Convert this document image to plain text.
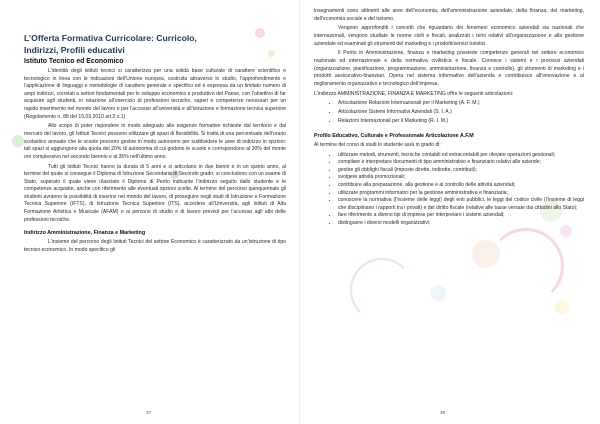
L’Offerta Formativa Curricolare: Curricolo,
Indirizzi, Profili educativi
Istituto Tecnico ed Economico

L’identità degli istituti tecnici si caratterizza per una solida base culturale di carattere scientifico e tecnologico in linea con le indicazioni dell’Unione europea, costruita attraverso lo studio, l’approfondimento e l’applicazione di linguaggi e metodologie di carattere generale e specifico ed è espressa da un limitato numero di ampi indirizzi, correlati a settori fondamentali per lo sviluppo economico e produttivo del Paese, con l’obiettivo di far acquisire agli studenti, in relazione all’esercizio di professioni tecniche, saperi e competenze necessari per un rapido inserimento nel mondo del lavoro e per l’accesso all’università e all’istruzione e formazione tecnica superiore (Regolamento n. 88 del 15.03.2010 art.2 c.1)

Allo scopo di poter rispondere in modo adeguato alle esigenze formative richieste dal territorio e dal mercato del lavoro, gli Istituti Tecnici possono utilizzare gli spazi di flessibilità. Si tratta di una percentuale dell’orario scolastico annuale che le scuole possono gestire in modo autonomo per suddividere le aree di indirizzo in opzioni: tali spazi si aggiungono alla quota del 20% di autonomia di cui godono le scuole e corrispondono al 30% del monte ore complessivo nel secondo biennio e al 35% nell’ultimo anno.

Tutti gli Istituti Tecnici hanno la durata di 5 anni e si articolano in due bienni e in un quinto anno, al termine del quale si consegue il Diploma di Istruzione Secondaria di Secondo grado; si concludono con un esame di Stato, superato il quale viene rilasciato il Diploma di Perito indicante l’indirizzo seguito dallo studente e le competenze acquisite, anche con riferimento alle eventuali opzioni scelte. Al termine del percorso quinquennale gli studenti avranno la possibilità di inserirsi nel mondo del lavoro, di proseguire negli studi di Istruzione e Formazione Tecnica Superiore (IFTS), di Istruzione Tecnica Superiore (ITS), accedere all’Università, agli Istituti di Alta Formazione Artistica e Musicale (AFAM) e ai percorsi di studio e di lavoro previsti per l’accesso agli albi delle professioni tecniche.

Indirizzo Amministrazione, Finanza e Marketing

L’insieme del percorso degli Istituti Tecnici del settore Economico è caratterizzato da un’istruzione di tipo tecnico economico. In modo specifico gli

37

insegnamenti sono attinenti alle aree dell’economia, dell’amministrazione aziendale, della finanza, del marketing, dell’economia sociale e del turismo.

Vengono approfonditi i concetti che riguardano dei fenomeni economico aziendali sia nazionali che internazionali, vengono studiate le norme civili e fiscali, analizzati i temi relativi all’organizzazione e alla gestione aziendale ed esaminati gli strumenti del marketing e i prodotti/servizi turistici.

Il Perito in Amministrazione, finanza e marketing possiede competenze generali nel settore economico nazionale ed internazionale e della normativa civilistica e fiscale. Conosce i sistemi e i processi aziendali (organizzazione, pianificazione, programmazione, amministrazione, finanza e controllo), gli strumenti di marketing e i prodotti assicurativo-finanziari. Opera nel sistema informativo dell’azienda e contribuisce all’innovazione e al miglioramento organizzativo e tecnologico dell’impresa.

L’indirizzo AMMINISTRAZIONE, FINANZA E MARKETING offre le seguenti articolazioni:

• Articolazione Relazioni Internazionali per il Marketing (A. F. M.)
• Articolazione Sistemi Informativi Aziendali (S. I. A.)
• Relazioni Internazionali per il Marketing (R. I. M.)
Profilo Educativo, Culturale e Professionale Articolazione A.F.M

Al termine del corso di studi lo studente sarà in grado di:

• utilizzare metodi, strumenti, tecniche contabili ed extracontabili per rilevare operazioni gestionali;
• compilare e interpretare documenti di tipo amministrativo e finanziario relativi alle aziende;
• gestire gli obblighi fiscali (imposte dirette, indirette, contributi);
• svolgere attività promozionali;
• contribuire alla preparazione, alla gestione e al controllo delle attività aziendali;
• utilizzare programmi informatici per la gestione amministrativa e finanziaria;
• conoscere la normativa (l’insieme delle leggi) degli enti pubblici, le leggi del codice civile (l’insieme di leggi che disciplinano i rapporti tra i privati) e del diritto fiscale (relative alle tasse versate dai cittadini allo Stato);
• fare riferimento a diversi tipi di imprese per interpretare i sistemi aziendali;
• distinguere i diversi modelli organizzativi;
38
